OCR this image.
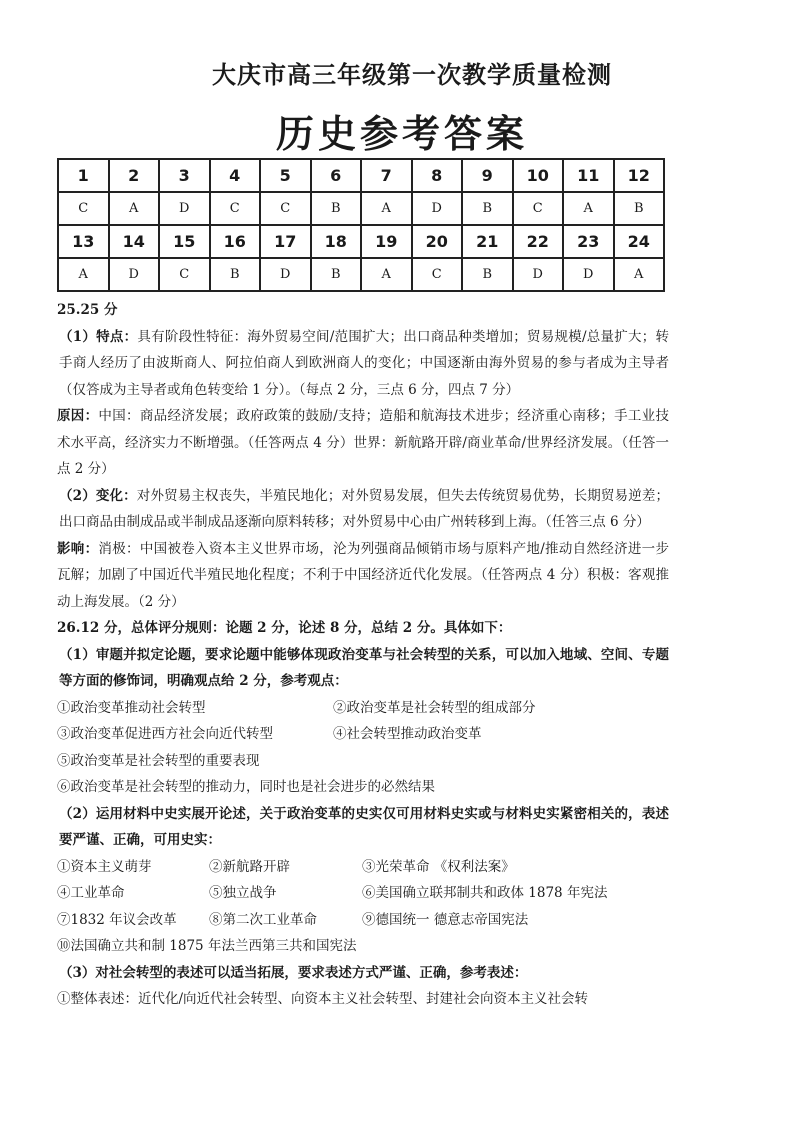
大庆市高三年级第一次教学质量检测
历史参考答案
1	2	3	4	5	6	7	8	9	10	11	12
C	A	D	C	C	B	A	D	B	C	A	B
13	14	15	16	17	18	19	20	21	22	23	24
A	D	C	B	D	B	A	C	B	D	D	A

25.25 分

（1）特点：具有阶段性特征：海外贸易空间/范围扩大；出口商品种类增加；贸易规模/总量扩大；转手商人经历了由波斯商人、阿拉伯商人到欧洲商人的变化；中国逐渐由海外贸易的参与者成为主导者（仅答成为主导者或角色转变给 1 分）。（每点 2 分，三点 6 分，四点 7 分）

原因：中国：商品经济发展；政府政策的鼓励/支持；造船和航海技术进步；经济重心南移；手工业技术水平高，经济实力不断增强。（任答两点 4 分）世界：新航路开辟/商业革命/世界经济发展。（任答一点 2 分）

（2）变化：对外贸易主权丧失，半殖民地化；对外贸易发展，但失去传统贸易优势，长期贸易逆差；出口商品由制成品或半制成品逐渐向原料转移；对外贸易中心由广州转移到上海。（任答三点 6 分）

影响：消极：中国被卷入资本主义世界市场，沦为列强商品倾销市场与原料产地/推动自然经济进一步瓦解；加剧了中国近代半殖民地化程度；不利于中国经济近代化发展。（任答两点 4 分）积极：客观推动上海发展。（2 分）

26.12 分，总体评分规则：论题 2 分，论述 8 分，总结 2 分。具体如下：

（1）审题并拟定论题，要求论题中能够体现政治变革与社会转型的关系，可以加入地域、空间、专题等方面的修饰词，明确观点给 2 分，参考观点：

①政治变革推动社会转型	②政治变革是社会转型的组成部分
③政治变革促进西方社会向近代转型	④社会转型推动政治变革

⑤政治变革是社会转型的重要表现

⑥政治变革是社会转型的推动力，同时也是社会进步的必然结果

（2）运用材料中史实展开论述，关于政治变革的史实仅可用材料史实或与材料史实紧密相关的，表述要严谨、正确，可用史实：

①资本主义萌芽	②新航路开辟	③光荣革命 《权利法案》
④工业革命	⑤独立战争	⑥美国确立联邦制共和政体 1878 年宪法
⑦1832 年议会改革	⑧第二次工业革命	⑨德国统一 德意志帝国宪法

⑩法国确立共和制 1875 年法兰西第三共和国宪法

（3）对社会转型的表述可以适当拓展，要求表述方式严谨、正确，参考表述：

①整体表述：近代化/向近代社会转型、向资本主义社会转型、封建社会向资本主义社会转
